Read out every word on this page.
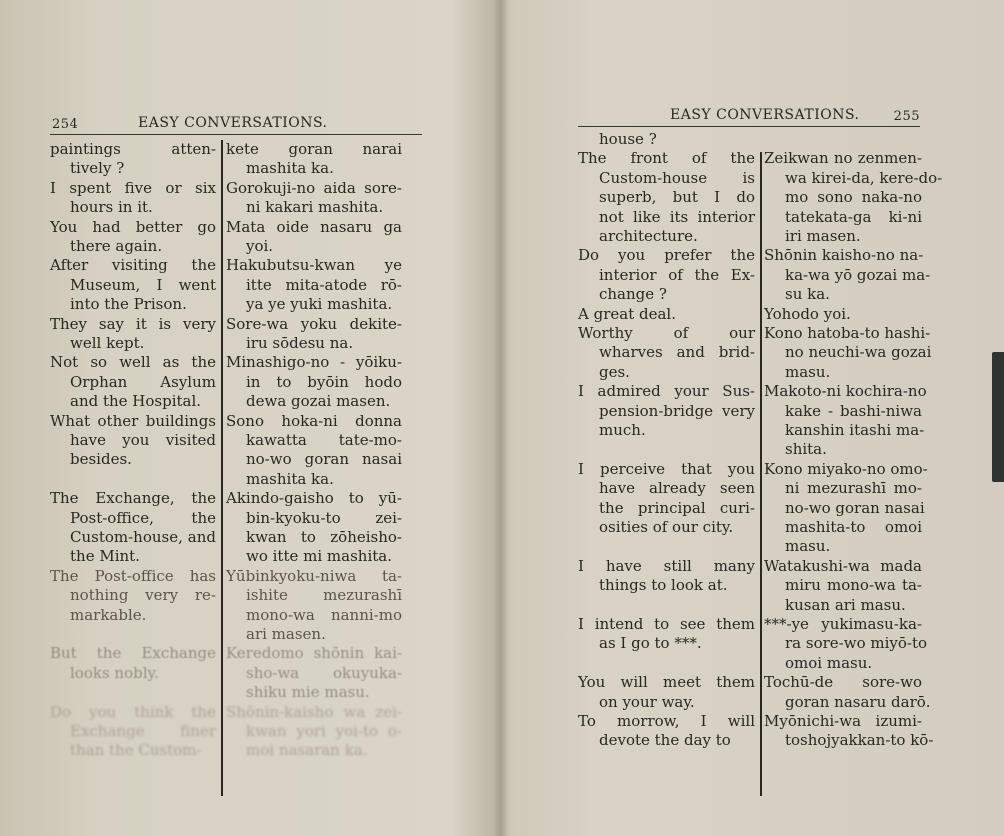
254	EASY CONVERSATIONS.
paintings atten-
tively ?
I spent five or six
hours in it.
You had better go
there again.
After visiting the
Museum, I went
into the Prison.
They say it is very
well kept.
Not so well as the
Orphan Asylum
and the Hospital.
What other buildings
have you visited
besides.
The Exchange, the
Post-office, the
Custom-house, and
the Mint.
The Post-office has
nothing very re-
markable.
But the Exchange
looks nobly.
Do you think the
Exchange finer
than the Custom-
kete goran narai
mashita ka.
Gorokuji-no aida sore-
ni kakari mashita.
Mata oide nasaru ga
yoi.
Hakubutsu-kwan ye
itte mita-atode rō-
ya ye yuki mashita.
Sore-wa yoku dekite-
iru sōdesu na.
Minashigo-no - yōiku-
in to byōin hodo
dewa gozai masen.
Sono hoka-ni donna
kawatta tate-mo-
no-wo goran nasai
mashita ka.
Akindo-gaisho to yū-
bin-kyoku-to zei-
kwan to zōheisho-
wo itte mi mashita.
Yūbinkyoku-niwa ta-
ishite mezurashī
mono-wa nanni-mo
ari masen.
Keredomo shōnin kai-
sho-wa okuyuka-
shiku mie masu.
Shōnin-kaisho wa zei-
kwan yori yoi-to o-
moi nasaran ka.
EASY CONVERSATIONS.	255
house ?
The front of the
Custom-house is
superb, but I do
not like its interior
architecture.
Do you prefer the
interior of the Ex-
change ?
A great deal.
Worthy of our
wharves and brid-
ges.
I admired your Sus-
pension-bridge very
much.
I perceive that you
have already seen
the principal curi-
osities of our city.
I have still many
things to look at.
I intend to see them
as I go to ***.
You will meet them
on your way.
To morrow, I will
devote the day to
Zeikwan no zenmen-
wa kirei-da, kere-do-
mo sono naka-no
tatekata-ga ki-ni
iri masen.
Shōnin kaisho-no na-
ka-wa yō gozai ma-
su ka.
Yohodo yoi.
Kono hatoba-to hashi-
no neuchi-wa gozai
masu.
Makoto-ni kochira-no
kake - bashi-niwa
kanshin itashi ma-
shita.
Kono miyako-no omo-
ni mezurashī mo-
no-wo goran nasai
mashita-to omoi
masu.
Watakushi-wa mada
miru mono-wa ta-
kusan ari masu.
***-ye yukimasu-ka-
ra sore-wo miyō-to
omoi masu.
Tochū-de sore-wo
goran nasaru darō.
Myōnichi-wa izumi-
toshojyakkan-to kō-
